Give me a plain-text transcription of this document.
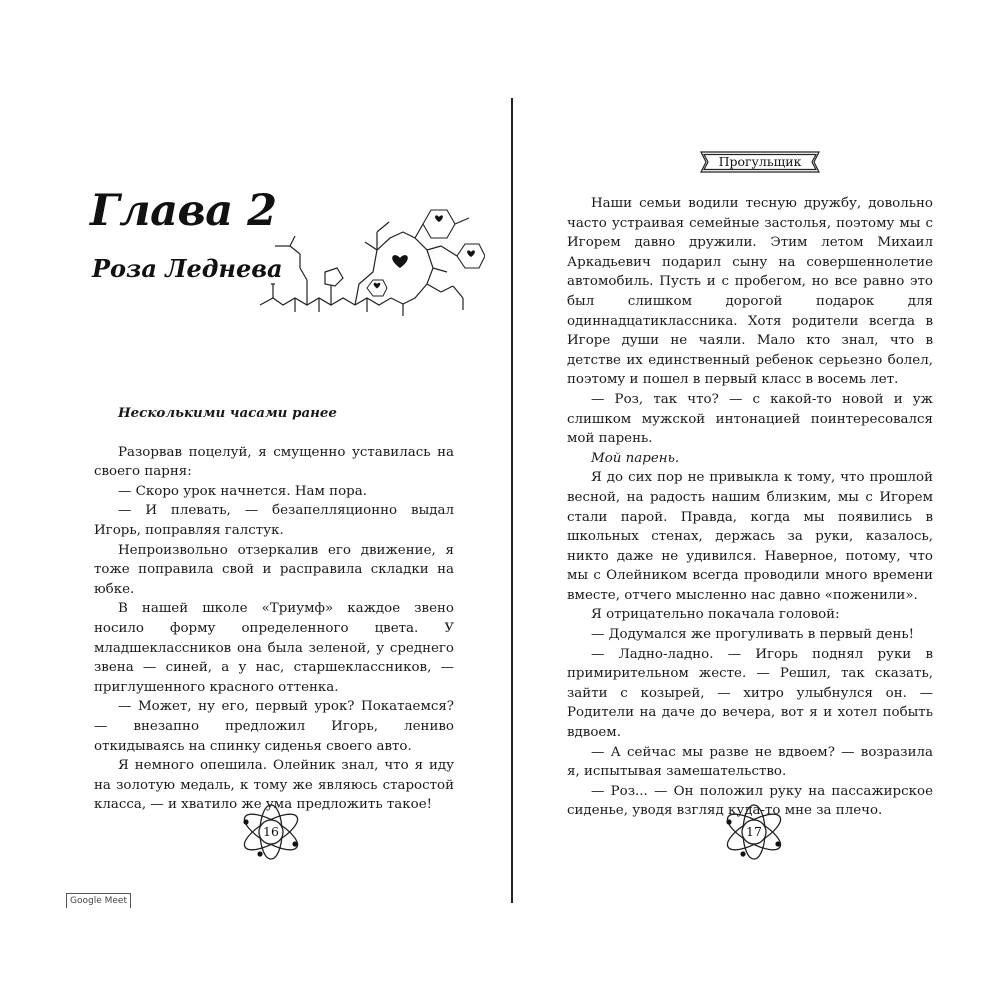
Глава 2
Роза Леднева

Несколькими часами ранее

Разорвав поцелуй, я смущенно уставилась на своего парня:

— Скоро урок начнется. Нам пора.

— И плевать, — безапелляционно выдал Игорь, поправляя галстук.

Непроизвольно отзеркалив его движение, я тоже поправила свой и расправила складки на юбке.

В нашей школе «Триумф» каждое звено носило форму определенного цвета. У младшеклассников она была зеленой, у среднего звена — синей, а у нас, старшеклассников, — приглушенного красного оттенка.

— Может, ну его, первый урок? Покатаемся? — внезапно предложил Игорь, лениво откидываясь на спинку сиденья своего авто.

Я немного опешила. Олейник знал, что я иду на золотую медаль, к тому же являюсь старостой класса, — и хватило же ума предложить такое!

16
Google Meet
Прогульщик

Наши семьи водили тесную дружбу, довольно часто устраивая семейные застолья, поэтому мы с Игорем давно дружили. Этим летом Михаил Аркадьевич подарил сыну на совершеннолетие автомобиль. Пусть и с пробегом, но все равно это был слишком дорогой подарок для одиннадцатиклассника. Хотя родители всегда в Игоре души не чаяли. Мало кто знал, что в детстве их единственный ребенок серьезно болел, поэтому и пошел в первый класс в восемь лет.

— Роз, так что? — с какой-то новой и уж слишком мужской интонацией поинтересовался мой парень.

Мой парень.

Я до сих пор не привыкла к тому, что прошлой весной, на радость нашим близким, мы с Игорем стали парой. Правда, когда мы появились в школьных стенах, держась за руки, казалось, никто даже не удивился. Наверное, потому, что мы с Олейником всегда проводили много времени вместе, отчего мысленно нас давно «поженили».

Я отрицательно покачала головой:

— Додумался же прогуливать в первый день!

— Ладно-ладно. — Игорь поднял руки в примирительном жесте. — Решил, так сказать, зайти с козырей, — хитро улыбнулся он. — Родители на даче до вечера, вот я и хотел побыть вдвоем.

— А сейчас мы разве не вдвоем? — возразила я, испытывая замешательство.

— Роз... — Он положил руку на пассажирское сиденье, уводя взгляд куда-то мне за плечо.

17
